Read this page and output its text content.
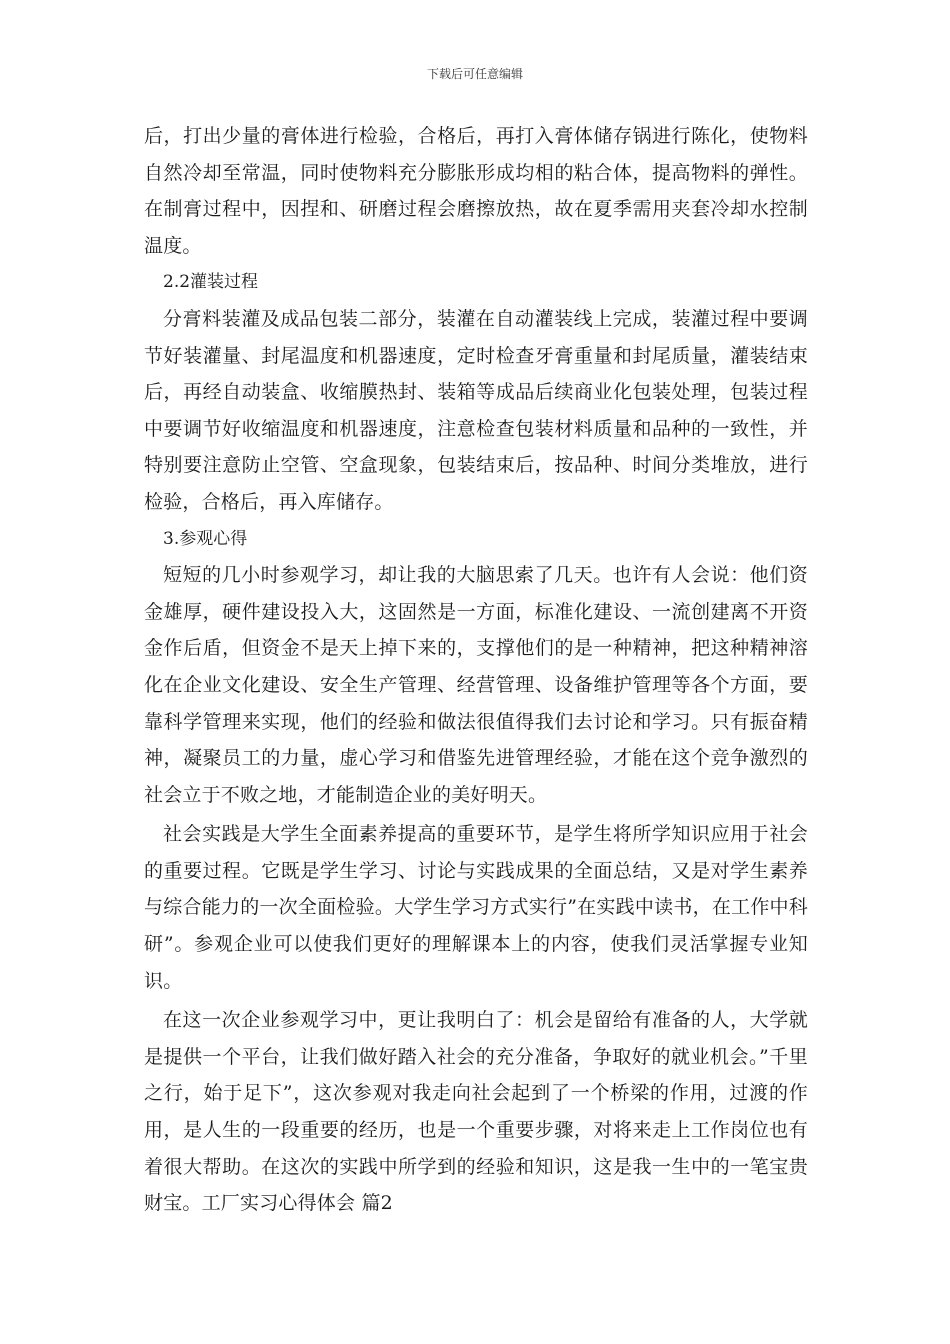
下载后可任意编辑

后，打出少量的膏体进行检验，合格后，再打入膏体储存锅进行陈化，使物料自然冷却至常温，同时使物料充分膨胀形成均相的粘合体，提高物料的弹性。在制膏过程中，因捏和、研磨过程会磨擦放热，故在夏季需用夹套冷却水控制温度。

2.2灌装过程

分膏料装灌及成品包装二部分，装灌在自动灌装线上完成，装灌过程中要调节好装灌量、封尾温度和机器速度，定时检查牙膏重量和封尾质量，灌装结束后，再经自动装盒、收缩膜热封、装箱等成品后续商业化包装处理，包装过程中要调节好收缩温度和机器速度，注意检查包装材料质量和品种的一致性，并特别要注意防止空管、空盒现象，包装结束后，按品种、时间分类堆放，进行检验，合格后，再入库储存。

3.参观心得

短短的几小时参观学习，却让我的大脑思索了几天。也许有人会说：他们资金雄厚，硬件建设投入大，这固然是一方面，标准化建设、一流创建离不开资金作后盾，但资金不是天上掉下来的，支撑他们的是一种精神，把这种精神溶化在企业文化建设、安全生产管理、经营管理、设备维护管理等各个方面，要靠科学管理来实现，他们的经验和做法很值得我们去讨论和学习。只有振奋精神，凝聚员工的力量，虚心学习和借鉴先进管理经验，才能在这个竞争激烈的社会立于不败之地，才能制造企业的美好明天。

社会实践是大学生全面素养提高的重要环节，是学生将所学知识应用于社会的重要过程。它既是学生学习、讨论与实践成果的全面总结，又是对学生素养与综合能力的一次全面检验。大学生学习方式实行”在实践中读书，在工作中科研”。参观企业可以使我们更好的理解课本上的内容，使我们灵活掌握专业知识。

在这一次企业参观学习中，更让我明白了：机会是留给有准备的人，大学就是提供一个平台，让我们做好踏入社会的充分准备，争取好的就业机会。”千里之行，始于足下”，这次参观对我走向社会起到了一个桥梁的作用，过渡的作用，是人生的一段重要的经历，也是一个重要步骤，对将来走上工作岗位也有着很大帮助。在这次的实践中所学到的经验和知识，这是我一生中的一笔宝贵财宝。工厂实习心得体会 篇2
